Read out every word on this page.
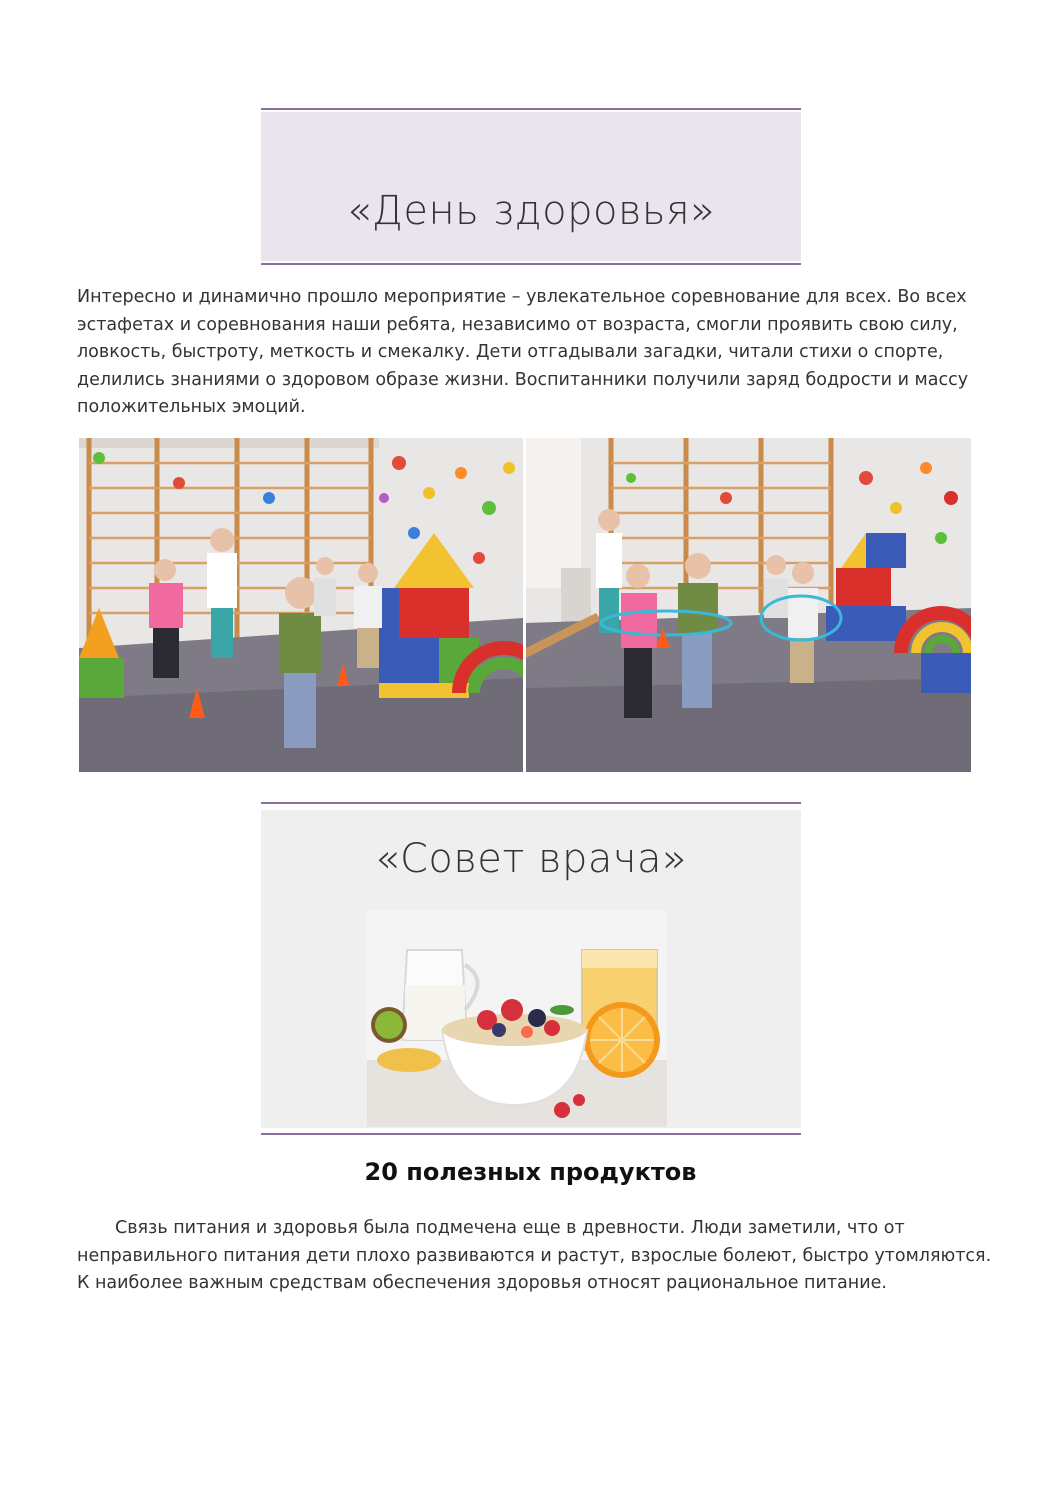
«День здоровья»

Интересно и динамично прошло мероприятие – увлекательное соревнование для всех. Во всех эстафетах и соревнования наши ребята, независимо от возраста, смогли проявить свою силу, ловкость, быстроту, меткость и смекалку. Дети отгадывали загадки, читали стихи о спорте, делились знаниями о здоровом образе жизни. Воспитанники получили заряд бодрости и массу положительных эмоций.

«Совет врача»
20 полезных продуктов

Связь питания и здоровья была подмечена еще в древности. Люди заметили, что от неправильного питания дети плохо развиваются и растут, взрослые болеют, быстро утомляются. К наиболее важным средствам обеспечения здоровья относят рациональное питание.
